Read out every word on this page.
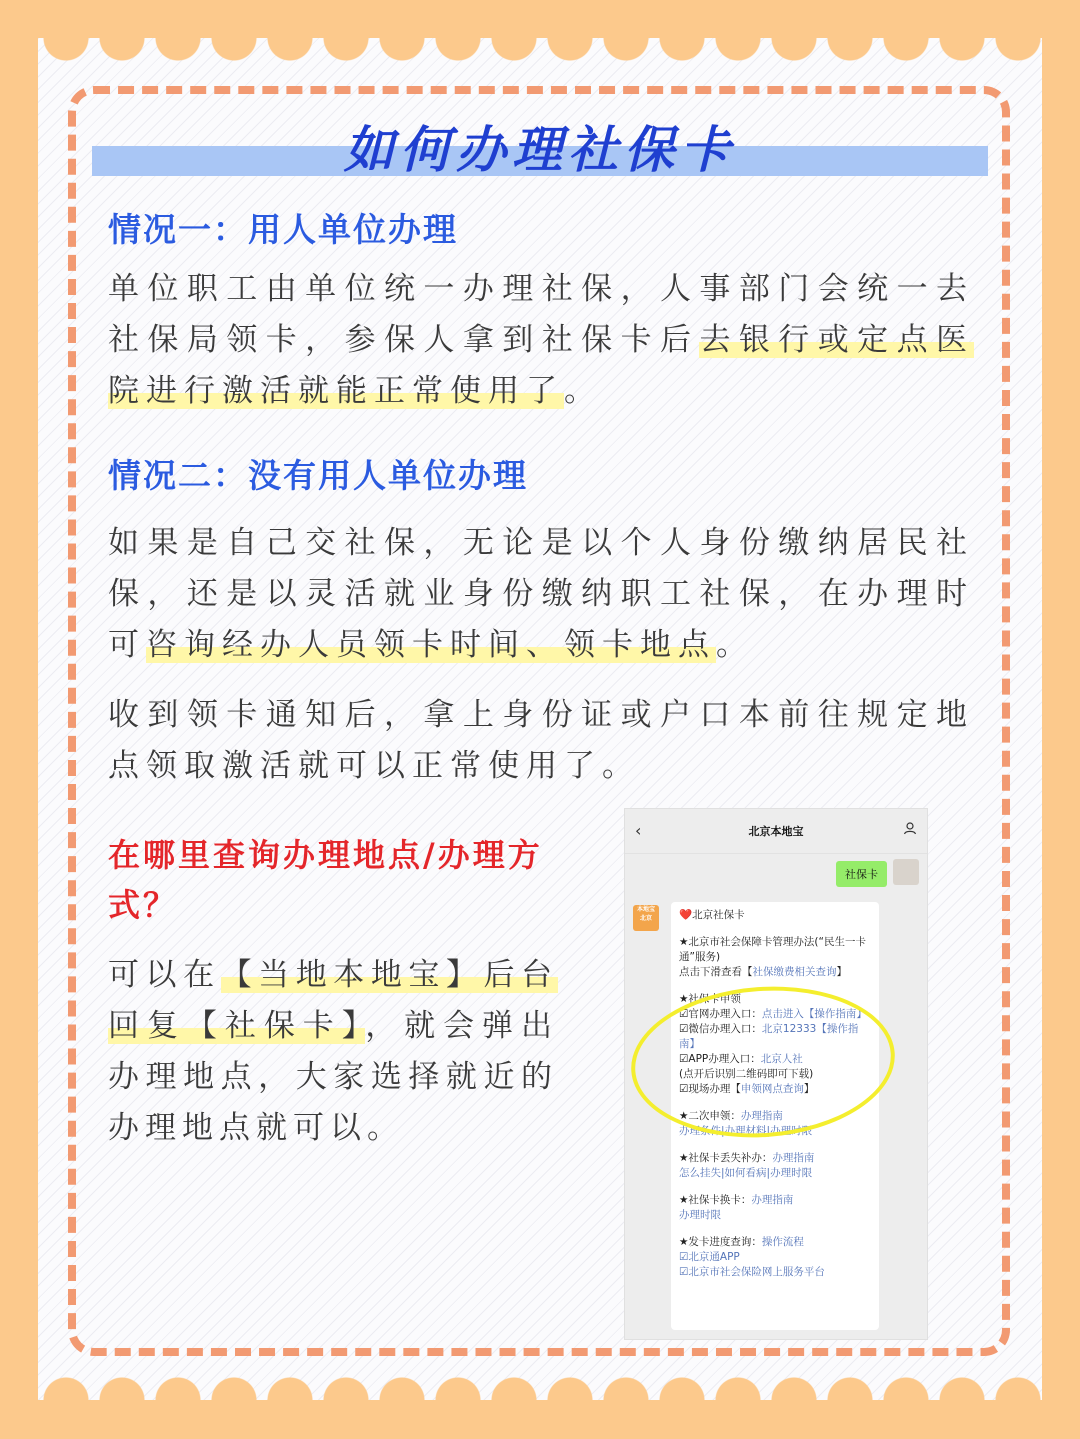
如何办理社保卡
情况一：用人单位办理
单位职工由单位统一办理社保，人事部门会统一去社保局领卡，参保人拿到社保卡后去银行或定点医院进行激活就能正常使用了。
情况二：没有用人单位办理
如果是自己交社保，无论是以个人身份缴纳居民社保，还是以灵活就业身份缴纳职工社保，在办理时可咨询经办人员领卡时间、领卡地点。
收到领卡通知后，拿上身份证或户口本前往规定地点领取激活就可以正常使用了。
在哪里查询办理地点/办理方式？
可以在【当地本地宝】后台回复【社保卡】，就会弹出办理地点，大家选择就近的办理地点就可以。
‹	北京本地宝
社保卡
本地宝 北京	❤️北京社保卡
★北京市社会保障卡管理办法(“民生一卡通”服务)
点击下滑查看【社保缴费相关查询】
★社保卡申领
☑官网办理入口：点击进入【操作指南】
☑微信办理入口：北京12333【操作指南】
☑APP办理入口：北京人社
(点开后识别二维码即可下载)
☑现场办理【申领网点查询】
★二次申领：办理指南
办理条件|办理材料|办理时限
★社保卡丢失补办：办理指南
怎么挂失|如何看病|办理时限
★社保卡换卡：办理指南
办理时限
★发卡进度查询：操作流程
☑北京通APP
☑北京市社会保险网上服务平台
